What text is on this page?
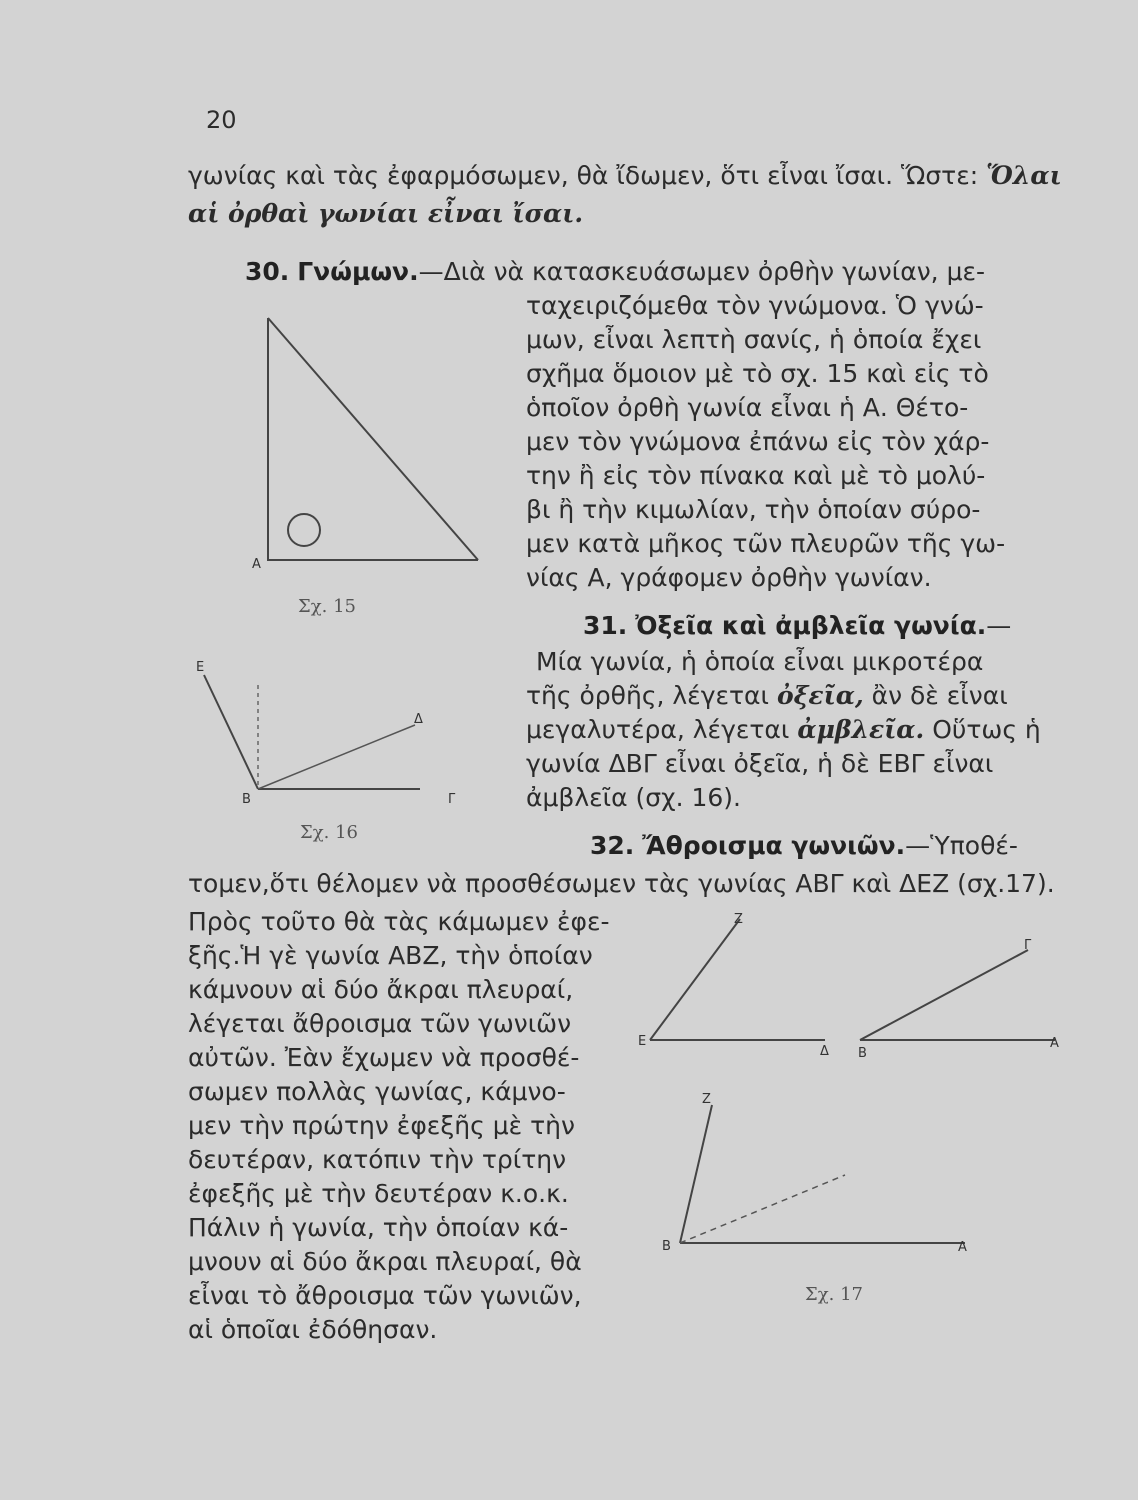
20
γωνίας καὶ τὰς ἐφαρμόσωμεν, θὰ ἴδωμεν, ὅτι εἶναι ἴσαι. Ὥστε: Ὅλαι
αἱ ὀρθαὶ γωνίαι εἶναι ἴσαι.
30. Γνώμων.—Διὰ νὰ κατασκευάσωμεν ὀρθὴν γωνίαν, με-
ταχειριζόμεθα τὸν γνώμονα. Ὁ γνώ-
μων, εἶναι λεπτὴ σανίς, ἡ ὁποία ἔχει
σχῆμα ὅμοιον μὲ τὸ σχ. 15 καὶ εἰς τὸ
ὁποῖον ὀρθὴ γωνία εἶναι ἡ Α. Θέτο-
μεν τὸν γνώμονα ἐπάνω εἰς τὸν χάρ-
την ἢ εἰς τὸν πίνακα καὶ μὲ τὸ μολύ-
βι ἢ τὴν κιμωλίαν, τὴν ὁποίαν σύρο-
μεν κατὰ μῆκος τῶν πλευρῶν τῆς γω-
νίας Α, γράφομεν ὀρθὴν γωνίαν.
Α
Σχ. 15
31. Ὀξεῖα καὶ ἀμβλεῖα γωνία.—
Μία γωνία, ἡ ὁποία εἶναι μικροτέρα
τῆς ὀρθῆς, λέγεται ὀξεῖα, ἂν δὲ εἶναι
μεγαλυτέρα, λέγεται ἀμβλεῖα. Οὕτως ἡ
γωνία ΔΒΓ εἶναι ὀξεῖα, ἡ δὲ ΕΒΓ εἶναι
ἀμβλεῖα (σχ. 16).
Ε
Δ
Β	Γ
Σχ. 16	32. Ἄθροισμα γωνιῶν.—Ὑποθέ-
τομεν,ὅτι θέλομεν νὰ προσθέσωμεν τὰς γωνίας ΑΒΓ καὶ ΔΕΖ (σχ.17).
Πρὸς τοῦτο θὰ τὰς κάμωμεν ἐφε-
ξῆς.Ἡ γὲ γωνία ΑΒΖ, τὴν ὁποίαν
κάμνουν αἱ δύο ἄκραι πλευραί,
λέγεται ἄθροισμα τῶν γωνιῶν
αὐτῶν. Ἐὰν ἔχωμεν νὰ προσθέ-
σωμεν πολλὰς γωνίας, κάμνο-
μεν τὴν πρώτην ἐφεξῆς μὲ τὴν
δευτέραν, κατόπιν τὴν τρίτην
ἐφεξῆς μὲ τὴν δευτέραν κ.ο.κ.
Πάλιν ἡ γωνία, τὴν ὁποίαν κά-
μνουν αἱ δύο ἄκραι πλευραί, θὰ
εἶναι τὸ ἄθροισμα τῶν γωνιῶν,
αἱ ὁποῖαι ἐδόθησαν.
Z
Ε
Δ
Γ
Β
Α
Z
Β	Α
Σχ. 17
